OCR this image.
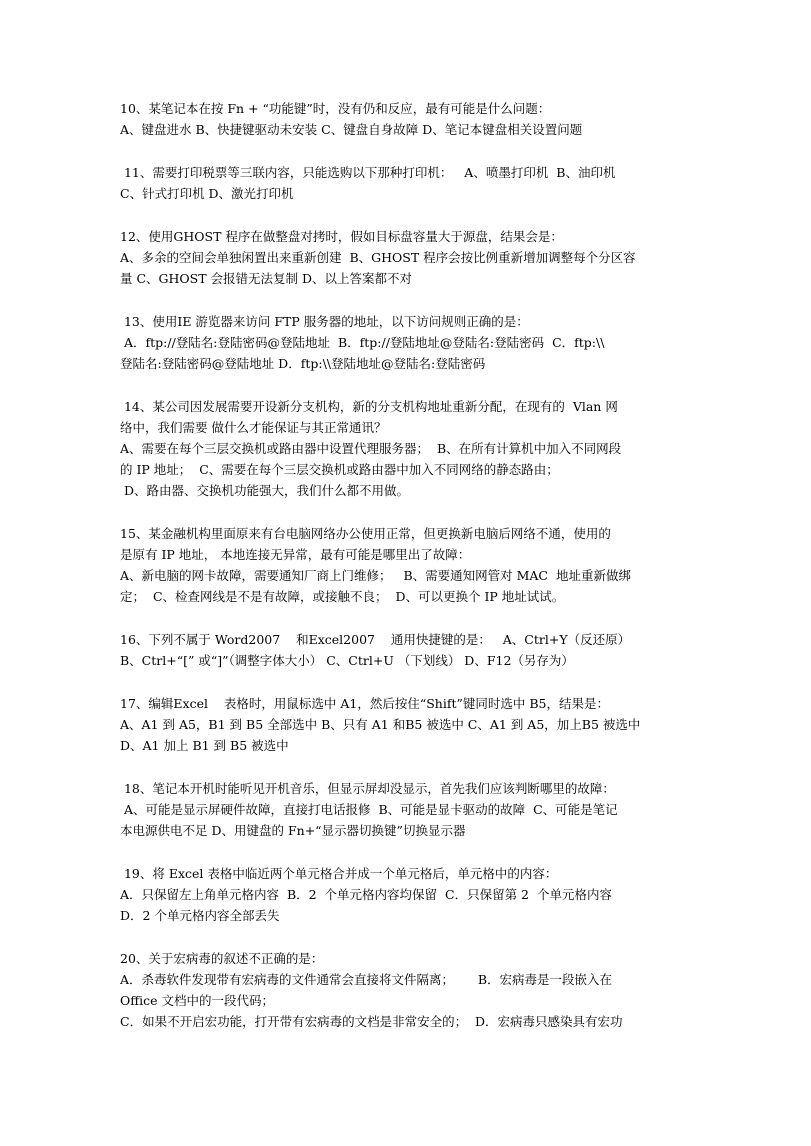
10、某笔记本在按 Fn + “功能键”时，没有仍和反应，最有可能是什么问题：
A、键盘进水 B、快捷键驱动未安装 C、键盘自身故障 D、笔记本键盘相关设置问题
11、需要打印税票等三联内容，只能选购以下那种打印机：   A、喷墨打印机  B、油印机
C、针式打印机 D、激光打印机
12、使用GHOST 程序在做整盘对拷时，假如目标盘容量大于源盘，结果会是：
A、多余的空间会单独闲置出来重新创建  B、GHOST 程序会按比例重新增加调整每个分区容
量 C、GHOST 会报错无法复制 D、以上答案都不对
13、使用IE 游览器来访问 FTP 服务器的地址，以下访问规则正确的是：
A．ftp://登陆名:登陆密码@登陆地址  B．ftp://登陆地址@登陆名:登陆密码  C．ftp:\\
登陆名:登陆密码@登陆地址 D．ftp:\\登陆地址@登陆名:登陆密码
14、某公司因发展需要开设新分支机构，新的分支机构地址重新分配，在现有的  Vlan 网
络中，我们需要 做什么才能保证与其正常通讯？
A、需要在每个三层交换机或路由器中设置代理服务器；  B、在所有计算机中加入不同网段
的 IP 地址；  C、需要在每个三层交换机或路由器中加入不同网络的静态路由；
D、路由器、交换机功能强大，我们什么都不用做。
15、某金融机构里面原来有台电脑网络办公使用正常，但更换新电脑后网络不通，使用的
是原有 IP 地址， 本地连接无异常，最有可能是哪里出了故障：
A、新电脑的网卡故障，需要通知厂商上门维修；   B、需要通知网管对 MAC  地址重新做绑
定；  C、检查网线是不是有故障，或接触不良；  D、可以更换个 IP 地址试试。
16、下列不属于 Word2007    和Excel2007    通用快捷键的是：   A、Ctrl+Y（反还原）
B、Ctrl+“[” 或“]”（调整字体大小） C、Ctrl+U （下划线） D、F12（另存为）
17、编辑Excel    表格时，用鼠标选中 A1，然后按住“Shift”键同时选中 B5，结果是：
A、A1 到 A5，B1 到 B5 全部选中 B、只有 A1 和B5 被选中 C、A1 到 A5，加上B5 被选中
D、A1 加上 B1 到 B5 被选中
18、笔记本开机时能听见开机音乐，但显示屏却没显示，首先我们应该判断哪里的故障：
A、可能是显示屏硬件故障，直接打电话报修  B、可能是显卡驱动的故障  C、可能是笔记
本电源供电不足 D、用键盘的 Fn+“显示器切换键”切换显示器
19、将 Excel 表格中临近两个单元格合并成一个单元格后，单元格中的内容：
A．只保留左上角单元格内容  B．2  个单元格内容均保留  C．只保留第 2  个单元格内容
D．2 个单元格内容全部丢失
20、关于宏病毒的叙述不正确的是：
A．杀毒软件发现带有宏病毒的文件通常会直接将文件隔离；      B．宏病毒是一段嵌入在
Office 文档中的一段代码；
C．如果不开启宏功能，打开带有宏病毒的文档是非常安全的；  D．宏病毒只感染具有宏功
